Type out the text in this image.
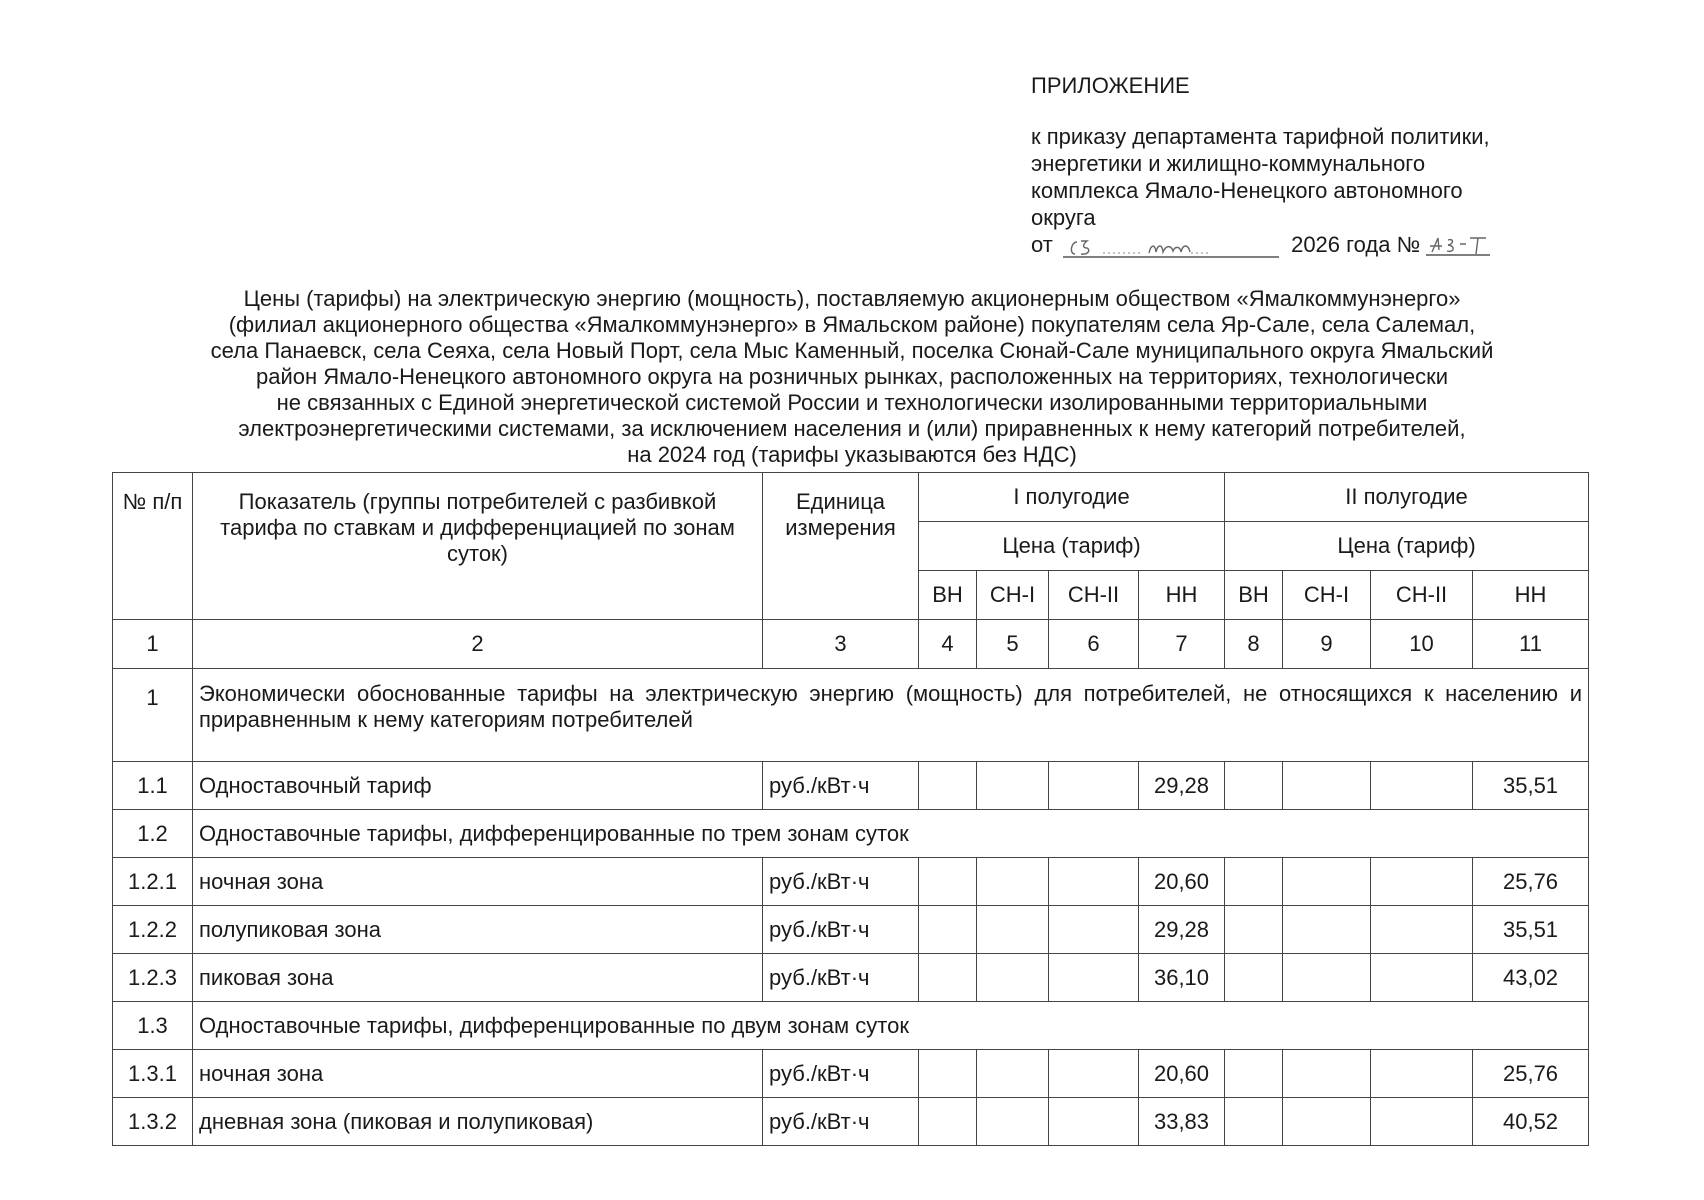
ПРИЛОЖЕНИЕ
к приказу департамента тарифной политики,
энергетики и жилищно-коммунального
комплекса Ямало-Ненецкого автономного
округа
от	2026 года №
Цены (тарифы) на электрическую энергию (мощность), поставляемую акционерным обществом «Ямалкоммунэнерго»
(филиал акционерного общества «Ямалкоммунэнерго» в Ямальском районе) покупателям села Яр-Сале, села Салемал,
села Панаевск, села Сеяха, села Новый Порт, села Мыс Каменный, поселка Сюнай-Сале муниципального округа Ямальский
район Ямало-Ненецкого автономного округа на розничных рынках, расположенных на территориях, технологически
не связанных с Единой энергетической системой России и технологически изолированными территориальными
электроэнергетическими системами, за исключением населения и (или) приравненных к нему категорий потребителей,
на 2024 год (тарифы указываются без НДС)
№ п/п	Показатель (группы потребителей с разбивкой тарифа по ставкам и дифференциацией по зонам суток)	Единица измерения	I полугодие				II полугодие			
			Цена (тариф)				Цена (тариф)			
			ВН	СН-I	СН-II	НН	ВН	СН-I	СН-II	НН
1	2	3	4	5	6	7	8	9	10	11
1	Экономически обоснованные тарифы на электрическую энергию (мощность) для потребителей, не относящихся к населению и приравненным к нему категориям потребителей									
1.1	Одноставочный тариф	руб./кВт·ч				29,28				35,51
1.2	Одноставочные тарифы, дифференцированные по трем зонам суток									
1.2.1	ночная зона	руб./кВт·ч				20,60				25,76
1.2.2	полупиковая зона	руб./кВт·ч				29,28				35,51
1.2.3	пиковая зона	руб./кВт·ч				36,10				43,02
1.3	Одноставочные тарифы, дифференцированные по двум зонам суток									
1.3.1	ночная зона	руб./кВт·ч				20,60				25,76
1.3.2	дневная зона (пиковая и полупиковая)	руб./кВт·ч				33,83				40,52
